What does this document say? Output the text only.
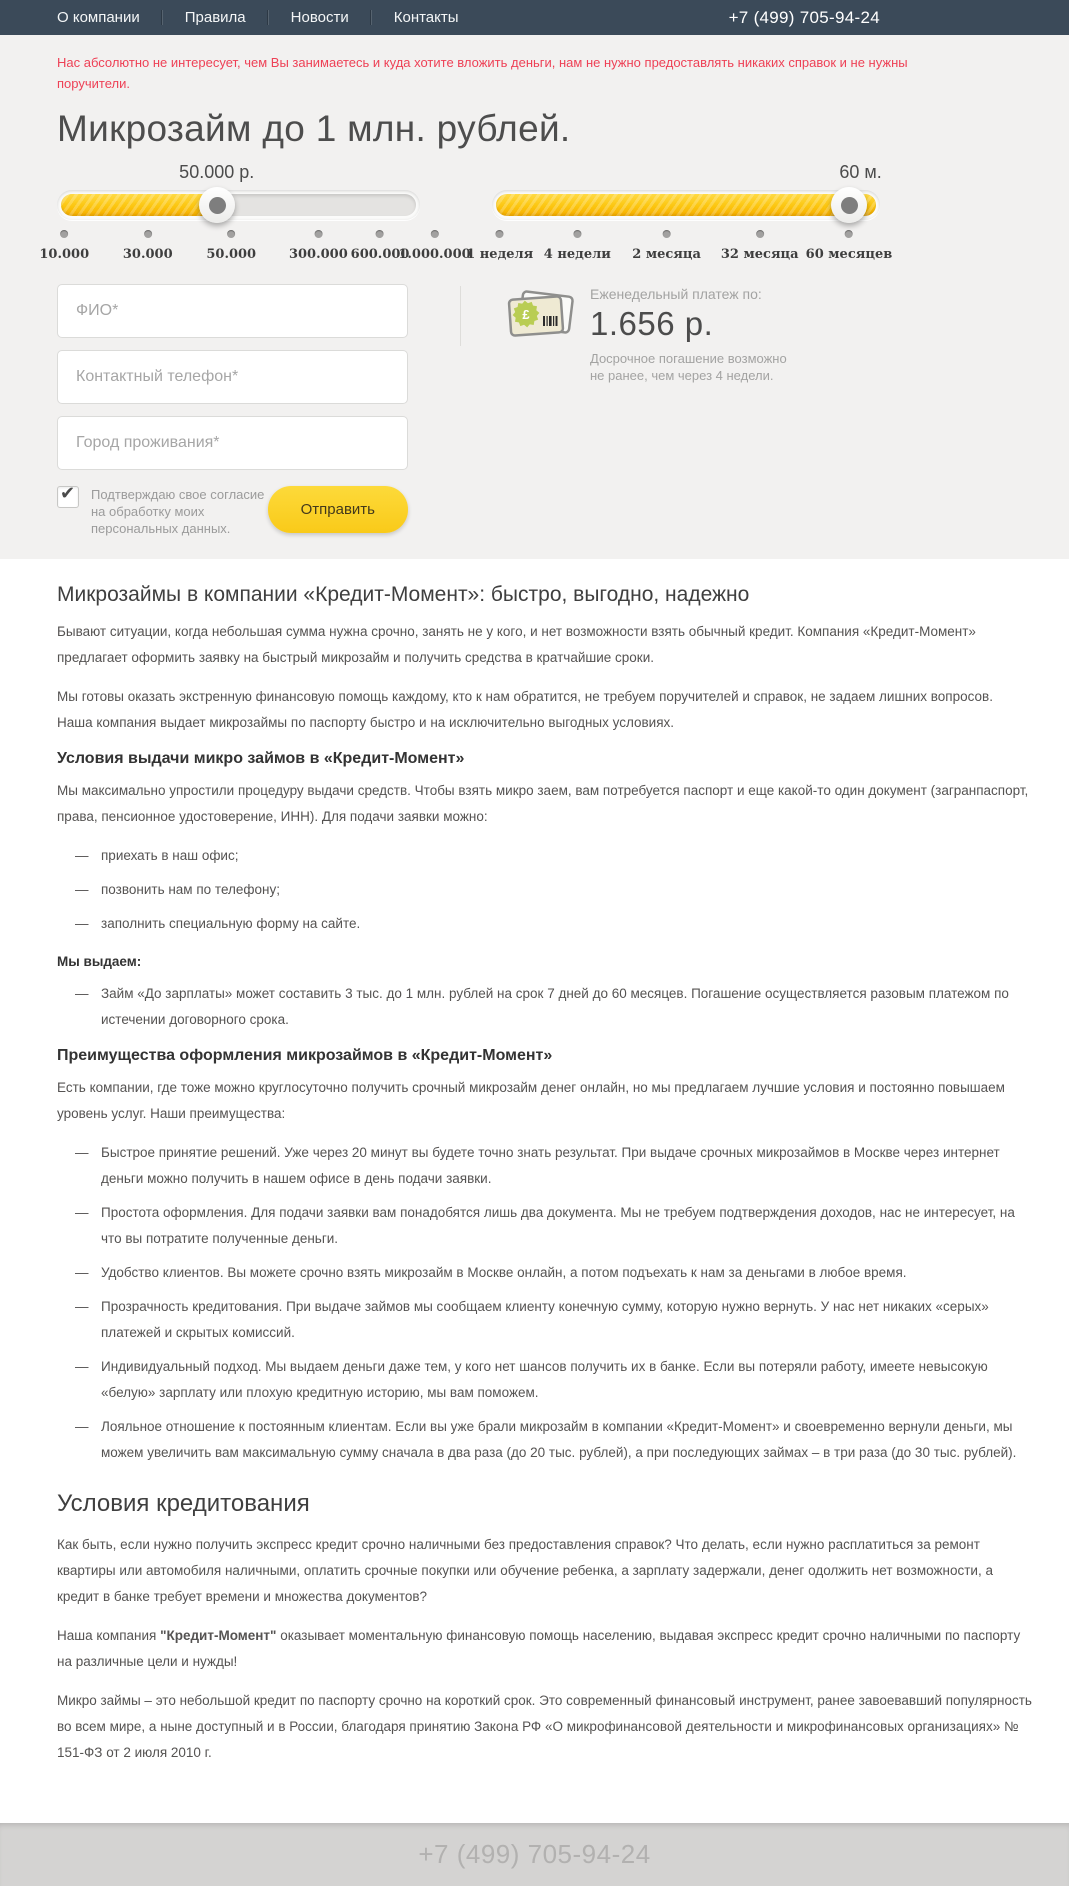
О компании	Правила	Новости	Контакты	+7 (499) 705-94-24

Нас абсолютно не интересует, чем Вы занимаетесь и куда хотите вложить деньги, нам не нужно предоставлять никаких справок и не нужны поручители.

Микрозайм до 1 млн. рублей.
50.000 р.
10.000	30.000	50.000	300.000 600.000
1.000.000
60 м.
1 неделя 4 недели 2 месяца 32 месяца 60 месяцев
ФИО*
Контактный телефон*
Город проживания*
✔ Подтверждаю свое согласие на обработку моих персональных данных.
Отправить
£
Еженедельный платеж по:
1.656 р.
Досрочное погашение возможно не ранее, чем через 4 недели.
Микрозаймы в компании «Кредит-Момент»: быстро, выгодно, надежно

Бывают ситуации, когда небольшая сумма нужна срочно, занять не у кого, и нет возможности взять обычный кредит. Компания «Кредит-Момент» предлагает оформить заявку на быстрый микрозайм и получить средства в кратчайшие сроки.

Мы готовы оказать экстренную финансовую помощь каждому, кто к нам обратится, не требуем поручителей и справок, не задаем лишних вопросов. Наша компания выдает микрозаймы по паспорту быстро и на исключительно выгодных условиях.

Условия выдачи микро займов в «Кредит-Момент»

Мы максимально упростили процедуру выдачи средств. Чтобы взять микро заем, вам потребуется паспорт и еще какой-то один документ (загранпаспорт, права, пенсионное удостоверение, ИНН). Для подачи заявки можно:

— приехать в наш офис;
— позвонить нам по телефону;
— заполнить специальную форму на сайте.

Мы выдаем:

— Займ «До зарплаты» может составить 3 тыс. до 1 млн. рублей на срок 7 дней до 60 месяцев. Погашение осуществляется разовым платежом по истечении договорного срока.
Преимущества оформления микрозаймов в «Кредит-Момент»

Есть компании, где тоже можно круглосуточно получить срочный микрозайм денег онлайн, но мы предлагаем лучшие условия и постоянно повышаем уровень услуг. Наши преимущества:

— Быстрое принятие решений. Уже через 20 минут вы будете точно знать результат. При выдаче срочных микрозаймов в Москве через интернет деньги можно получить в нашем офисе в день подачи заявки.
— Простота оформления. Для подачи заявки вам понадобятся лишь два документа. Мы не требуем подтверждения доходов, нас не интересует, на что вы потратите полученные деньги.
— Удобство клиентов. Вы можете срочно взять микрозайм в Москве онлайн, а потом подъехать к нам за деньгами в любое время.
— Прозрачность кредитования. При выдаче займов мы сообщаем клиенту конечную сумму, которую нужно вернуть. У нас нет никаких «серых» платежей и скрытых комиссий.
— Индивидуальный подход. Мы выдаем деньги даже тем, у кого нет шансов получить их в банке. Если вы потеряли работу, имеете невысокую «белую» зарплату или плохую кредитную историю, мы вам поможем.
— Лояльное отношение к постоянным клиентам. Если вы уже брали микрозайм в компании «Кредит-Момент» и своевременно вернули деньги, мы можем увеличить вам максимальную сумму сначала в два раза (до 20 тыс. рублей), а при последующих займах – в три раза (до 30 тыс. рублей).
Условия кредитования

Как быть, если нужно получить экспресс кредит срочно наличными без предоставления справок? Что делать, если нужно расплатиться за ремонт квартиры или автомобиля наличными, оплатить срочные покупки или обучение ребенка, а зарплату задержали, денег одолжить нет возможности, а кредит в банке требует времени и множества документов?

Наша компания "Кредит-Момент" оказывает моментальную финансовую помощь населению, выдавая экспресс кредит срочно наличными по паспорту на различные цели и нужды!

Микро займы – это небольшой кредит по паспорту срочно на короткий срок. Это современный финансовый инструмент, ранее завоевавший популярность во всем мире, а ныне доступный и в России, благодаря принятию Закона РФ «О микрофинансовой деятельности и микрофинансовых организациях» № 151-ФЗ от 2 июля 2010 г.

+7 (499) 705-94-24
